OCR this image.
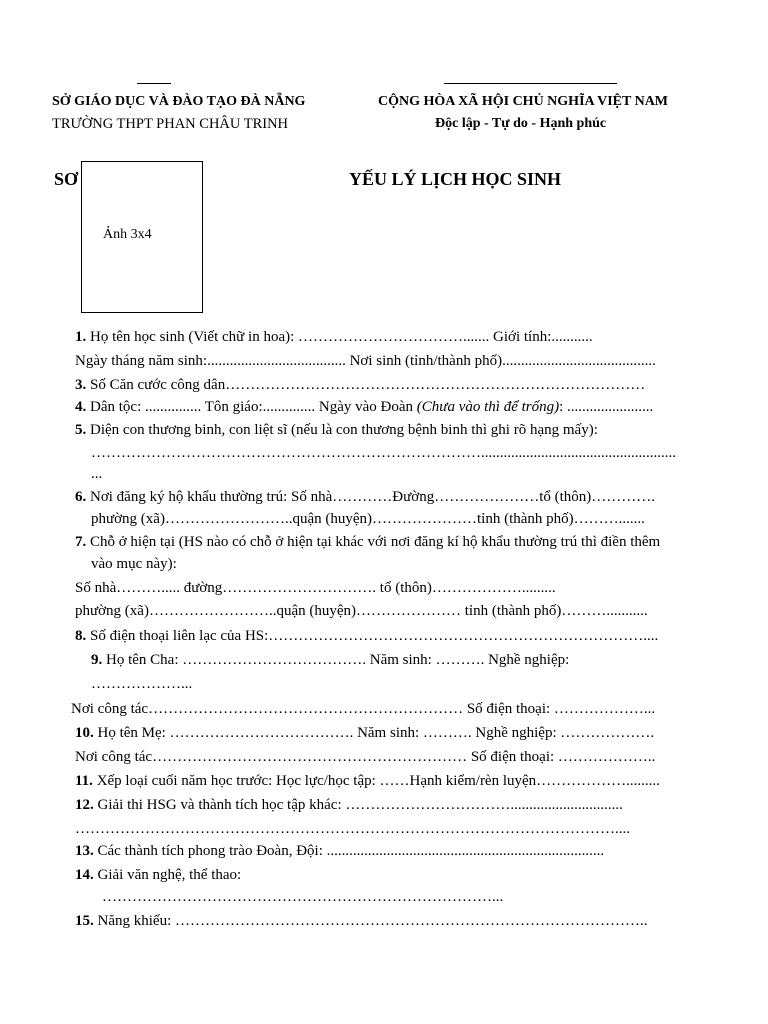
SỞ GIÁO DỤC VÀ ĐÀO TẠO ĐÀ NẴNG
TRƯỜNG THPT PHAN CHÂU TRINH
CỘNG HÒA XÃ HỘI CHỦ NGHĨA VIỆT NAM
Độc lập - Tự do - Hạnh phúc
SƠ	YẾU LÝ LỊCH HỌC SINH
Ảnh 3x4
1. Họ tên học sinh (Viết chữ in hoa): ……………………………....... Giới tính:...........
Ngày tháng năm sinh:..................................... Nơi sinh (tỉnh/thành phố).........................................
3. Số Căn cước công dân…………………………………………………………………………
4. Dân tộc: ............... Tôn giáo:.............. Ngày vào Đoàn (Chưa vào thì để trống): .......................
5. Diện con thương binh, con liệt sĩ (nếu là con thương bệnh binh thì ghi rõ hạng mấy):
……………………………………………………………………....................................................
...
6. Nơi đăng ký hộ khẩu thường trú: Số nhà…………Đường…………………tổ (thôn)………….
phường (xã)……………………..quận (huyện)…………………tỉnh (thành phố)……….......
7. Chỗ ở hiện tại (HS nào có chỗ ở hiện tại khác với nơi đăng kí hộ khẩu thường trú thì điền thêm
vào mục này):
Số nhà………..... đường…………………………. tổ (thôn)……………….........
phường (xã)……………………..quận (huyện)………………… tỉnh (thành phố)………...........
8. Số điện thoại liên lạc của HS:…………………………………………………………………....
9. Họ tên Cha: ………………………………. Năm sinh: ………. Nghề nghiệp:
………………...
Nơi công tác……………………………………………………… Số điện thoại: ………………...
10. Họ tên Mẹ: ………………………………. Năm sinh: ………. Nghề nghiệp: ……………….
Nơi công tác……………………………………………………… Số điện thoại: ………………..
11. Xếp loại cuối năm học trước: Học lực/học tập: ……Hạnh kiểm/rèn luyện……………….........
12. Giải thi HSG và thành tích học tập khác: ……………………………..............................
………………………………………………………………………………………………....
13. Các thành tích phong trào Đoàn, Đội: ..........................................................................
14. Giải văn nghệ, thể thao:
……………………………………………………………………...
15. Năng khiếu: …………………………………………………………………………………..
